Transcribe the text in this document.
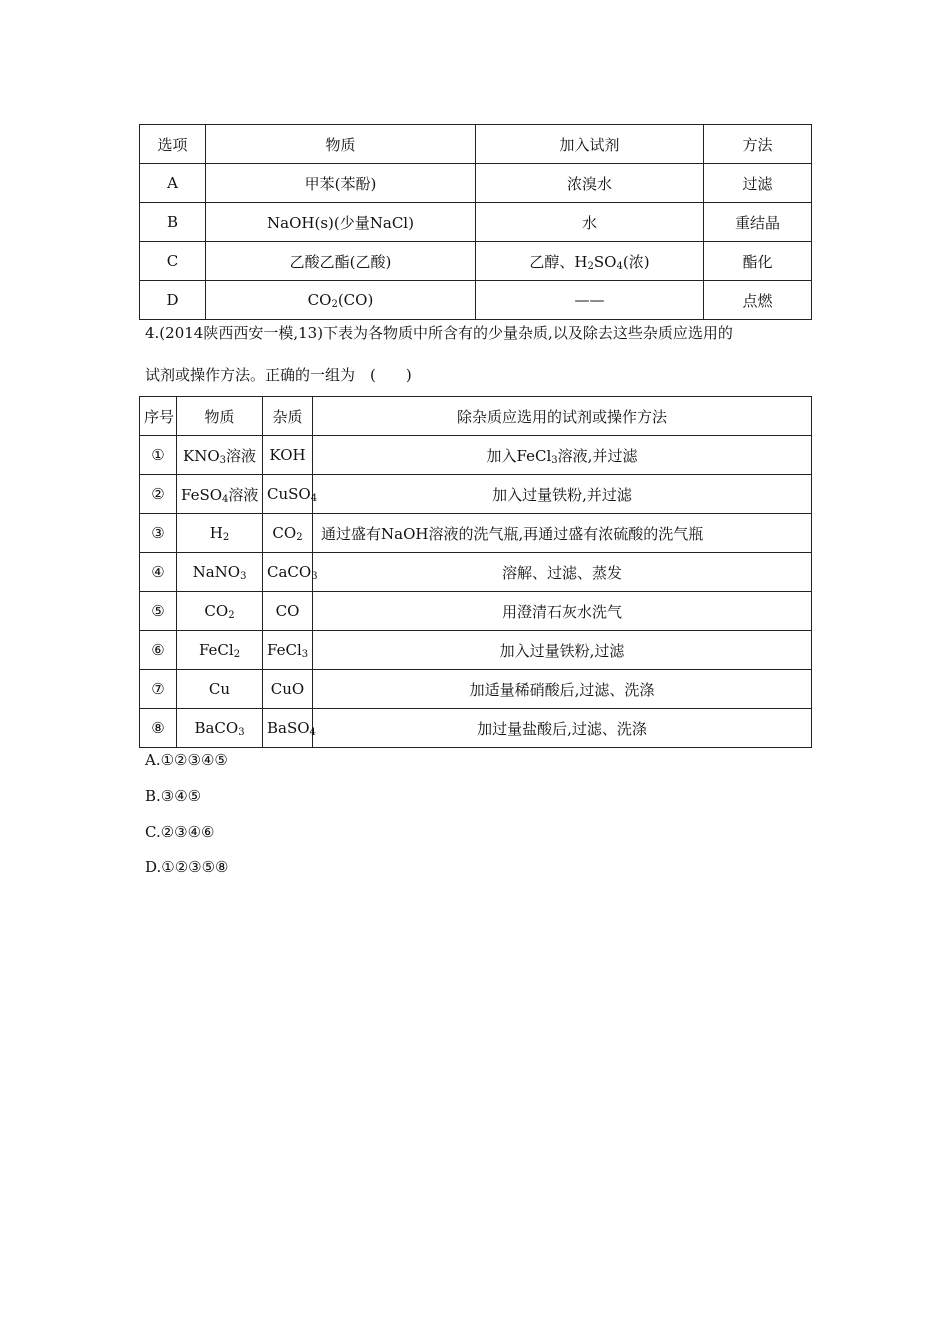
选项	物质	加入试剂	方法
A	甲苯(苯酚)	浓溴水	过滤
B	NaOH(s)(少量NaCl)	水	重结晶
C	乙酸乙酯(乙酸)	乙醇、$H_2SO_4$(浓)	酯化
D	$CO_2(CO)$	——	点燃
4.(2014陕西西安一模,13)下表为各物质中所含有的少量杂质,以及除去这些杂质应选用的
试剂或操作方法。正确的一组为　(　　)
序号	物质	杂质	除杂质应选用的试剂或操作方法
①	$KNO_3$溶液	KOH	加入FeCl$_3$溶液,并过滤
②	FeSO$_4$溶液	CuSO$_4$	加入过量铁粉,并过滤
③	$H_2$	$CO_2$	通过盛有NaOH溶液的洗气瓶,再通过盛有浓硫酸的洗气瓶
④	NaNO$_3$	CaCO$_3$	溶解、过滤、蒸发
⑤	$CO_2$	CO	用澄清石灰水洗气
⑥	FeCl$_2$	FeCl$_3$	加入过量铁粉,过滤
⑦	Cu	CuO	加适量稀硝酸后,过滤、洗涤
⑧	BaCO$_3$	BaSO$_4$	加过量盐酸后,过滤、洗涤
A.①②③④⑤
B.③④⑤
C.②③④⑥
D.①②③⑤⑧
